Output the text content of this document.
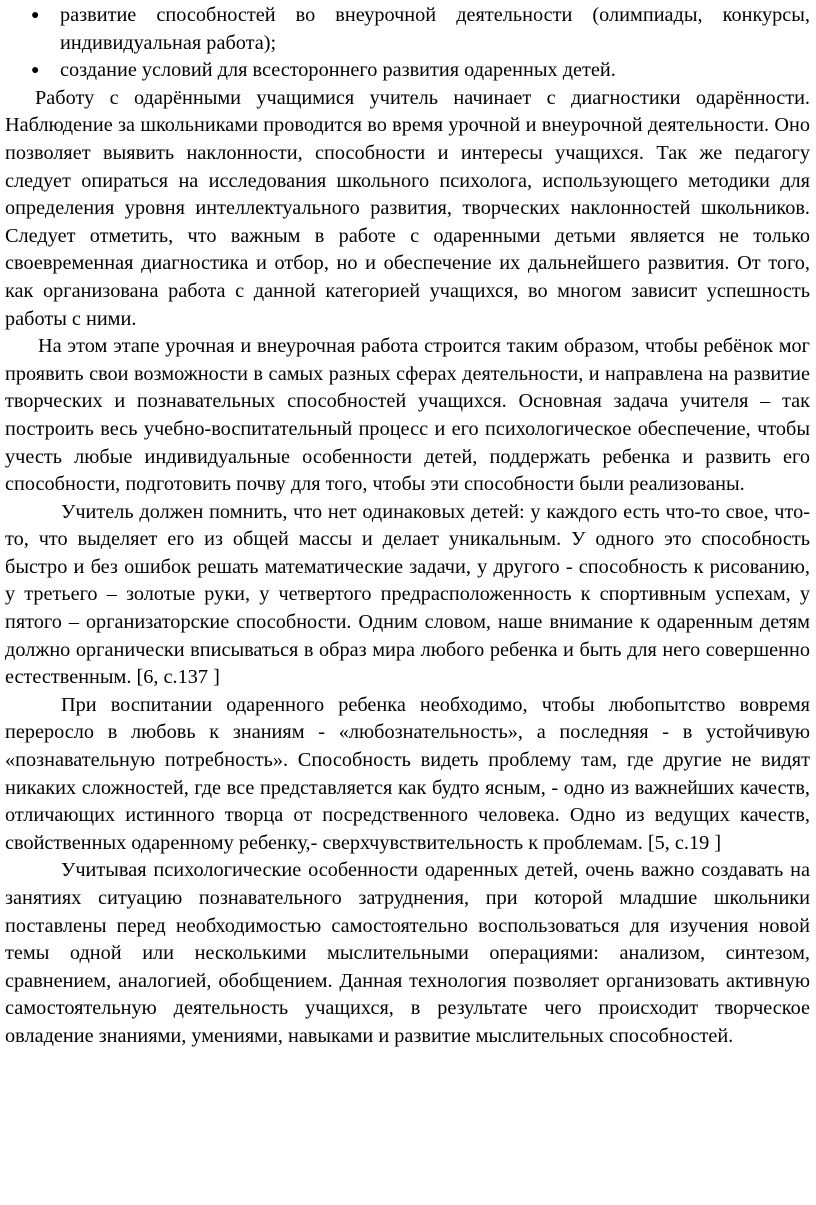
● развитие способностей во внеурочной деятельности (олимпиады, конкурсы, индивидуальная работа);
● создание условий для всестороннего развития одаренных детей.

Работу с одарёнными учащимися учитель начинает с диагностики одарённости. Наблюдение за школьниками проводится во время урочной и внеурочной деятельности. Оно позволяет выявить наклонности, способности и интересы учащихся. Так же педагогу следует опираться на исследования школьного психолога, использующего методики для определения уровня интеллектуального развития, творческих наклонностей школьников. Следует отметить, что важным в работе с одаренными детьми является не только своевременная диагностика и отбор, но и обеспечение их дальнейшего развития. От того, как организована работа с данной категорией учащихся, во многом зависит успешность работы с ними.

На этом этапе урочная и внеурочная работа строится таким образом, чтобы ребёнок мог проявить свои возможности в самых разных сферах деятельности, и направлена на развитие творческих и познавательных способностей учащихся. Основная задача учителя – так построить весь учебно-воспитательный процесс и его психологическое обеспечение, чтобы учесть любые индивидуальные особенности детей, поддержать ребенка и развить его способности, подготовить почву для того, чтобы эти способности были реализованы.

Учитель должен помнить, что нет одинаковых детей: у каждого есть что-то свое, что-то, что выделяет его из общей массы и делает уникальным. У одного это способность быстро и без ошибок решать математические задачи, у другого - способность к рисованию, у третьего – золотые руки, у четвертого предрасположенность к спортивным успехам, у пятого – организаторские способности. Одним словом, наше внимание к одаренным детям должно органически вписываться в образ мира любого ребенка и быть для него совершенно естественным. [6, с.137 ]

При воспитании одаренного ребенка необходимо, чтобы любопытство вовремя переросло в любовь к знаниям - «любознательность», а последняя - в устойчивую «познавательную потребность». Способность видеть проблему там, где другие не видят никаких сложностей, где все представляется как будто ясным, - одно из важнейших качеств, отличающих истинного творца от посредственного человека. Одно из ведущих качеств, свойственных одаренному ребенку,- сверхчувствительность к проблемам. [5, с.19 ]

Учитывая психологические особенности одаренных детей, очень важно создавать на занятиях ситуацию познавательного затруднения, при которой младшие школьники поставлены перед необходимостью самостоятельно воспользоваться для изучения новой темы одной или несколькими мыслительными операциями: анализом, синтезом, сравнением, аналогией, обобщением. Данная технология позволяет организовать активную самостоятельную деятельность учащихся, в результате чего происходит творческое овладение знаниями, умениями, навыками и развитие мыслительных способностей.
